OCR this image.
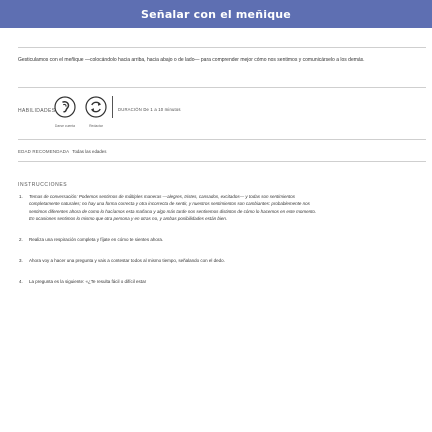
Señalar con el meñique
Gesticulamos con el meñique —colocándolo hacia arriba, hacia abajo o de lado— para comprender mejor cómo nos sentimos y comunicárselo a los demás.
HABILIDADES
Darse cuenta	Redactar
DURACIÓN De 1 a 10 minutos
EDAD RECOMENDADA Todas las edades
INSTRUCCIONES
1. Temas de conversación: Podemos sentirnos de múltiples maneras —alegres, tristes, cansados, excitados— y todas son sentimientos completamente naturales; no hay una forma correcta y otra incorrecta de sentir, y nuestros sentimientos son cambiantes: probablemente nos sentimos diferentes ahora de como lo hacíamos esta mañana y algo más tarde nos sentiremos distintos de cómo lo hacemos en este momento. En ocasiones sentimos lo mismo que otra persona y en otras no, y ambas posibilidades están bien.
2. Realiza una respiración completa y fíjate en cómo te sientes ahora.
3. Ahora voy a hacer una pregunta y vais a contestar todos al mismo tiempo, señalando con el dedo.
4. La pregunta es la siguiente: «¿Te resulta fácil o difícil estar
